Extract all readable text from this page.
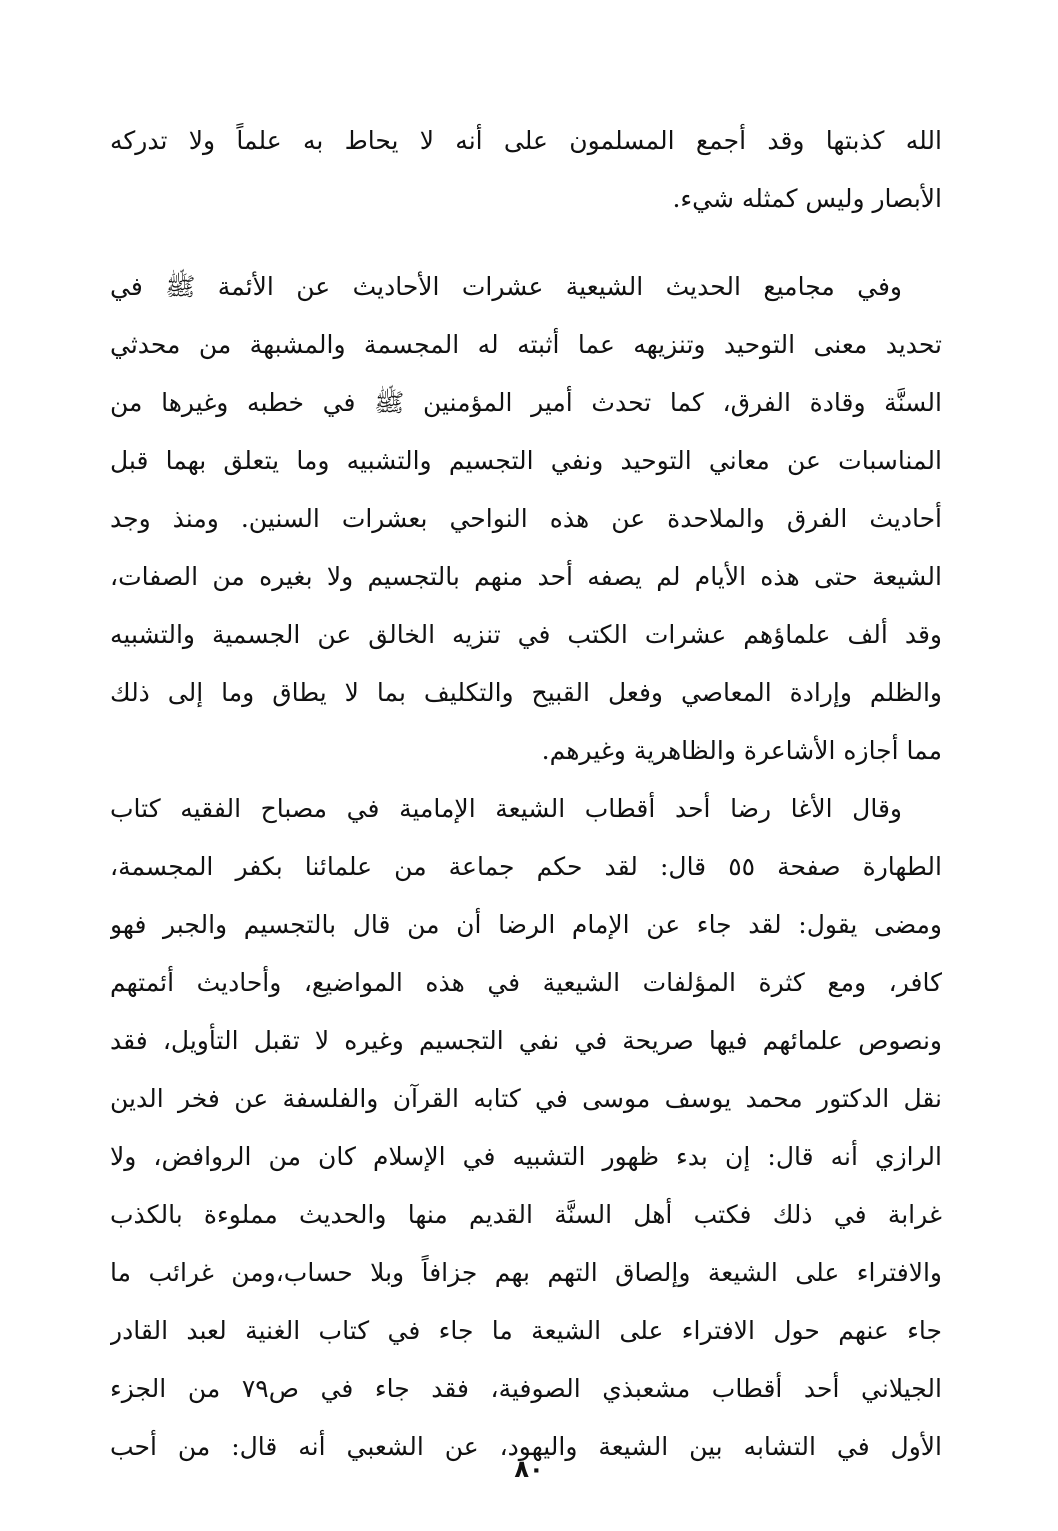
الله كذبتها وقد أجمع المسلمون على أنه لا يحاط به علماً ولا تدركه
الأبصار وليس كمثله شيء.
وفي مجاميع الحديث الشيعية عشرات الأحاديث عن الأئمة ﷺ في
تحديد معنى التوحيد وتنزيهه عما أثبته له المجسمة والمشبهة من محدثي
السنَّة وقادة الفرق، كما تحدث أمير المؤمنين ﷺ في خطبه وغيرها من
المناسبات عن معاني التوحيد ونفي التجسيم والتشبيه وما يتعلق بهما قبل
أحاديث الفرق والملاحدة عن هذه النواحي بعشرات السنين. ومنذ وجد
الشيعة حتى هذه الأيام لم يصفه أحد منهم بالتجسيم ولا بغيره من الصفات،
وقد ألف علماؤهم عشرات الكتب في تنزيه الخالق عن الجسمية والتشبيه
والظلم وإرادة المعاصي وفعل القبيح والتكليف بما لا يطاق وما إلى ذلك
مما أجازه الأشاعرة والظاهرية وغيرهم.
وقال الأغا رضا أحد أقطاب الشيعة الإمامية في مصباح الفقيه كتاب
الطهارة صفحة ٥٥ قال: لقد حكم جماعة من علمائنا بكفر المجسمة،
ومضى يقول: لقد جاء عن الإمام الرضا أن من قال بالتجسيم والجبر فهو
كافر، ومع كثرة المؤلفات الشيعية في هذه المواضيع، وأحاديث أئمتهم
ونصوص علمائهم فيها صريحة في نفي التجسيم وغيره لا تقبل التأويل، فقد
نقل الدكتور محمد يوسف موسى في كتابه القرآن والفلسفة عن فخر الدين
الرازي أنه قال: إن بدء ظهور التشبيه في الإسلام كان من الروافض، ولا
غرابة في ذلك فكتب أهل السنَّة القديم منها والحديث مملوءة بالكذب
والافتراء على الشيعة وإلصاق التهم بهم جزافاً وبلا حساب،ومن غرائب ما
جاء عنهم حول الافتراء على الشيعة ما جاء في كتاب الغنية لعبد القادر
الجيلاني أحد أقطاب مشعبذي الصوفية، فقد جاء في ص٧٩ من الجزء
الأول في التشابه بين الشيعة واليهود، عن الشعبي أنه قال: من أحب
٨٠
